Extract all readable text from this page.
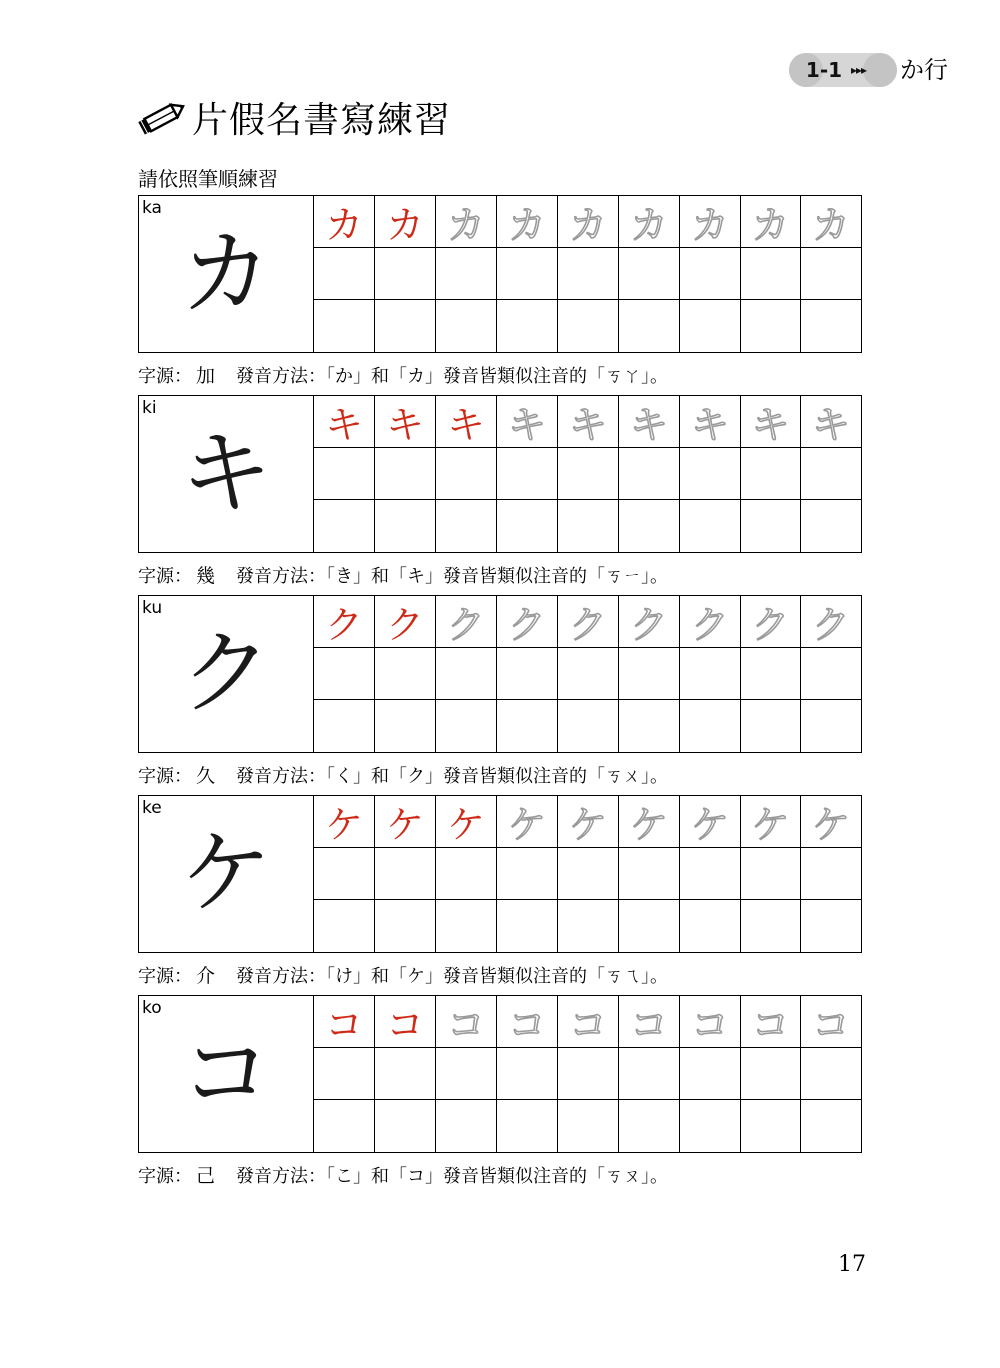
1-1 ▸▸▸ か行
片假名書寫練習
請依照筆順練習
ka
カ	カ カ カ カ カ カ カ カ カ
字源： 加	發音方法：「か」和「カ」發音皆類似注音的「ㄎㄚ」。
ki
キ	キ キ キ キ キ キ キ キ キ
字源： 幾	發音方法：「き」和「キ」發音皆類似注音的「ㄎㄧ」。
ku
ク	ク ク ク ク ク ク ク ク ク
字源： 久	發音方法：「く」和「ク」發音皆類似注音的「ㄎㄨ」。
ke
ケ	ケ ケ ケ ケ ケ ケ ケ ケ ケ
字源： 介	發音方法：「け」和「ケ」發音皆類似注音的「ㄎㄟ」。
ko
コ	コ コ コ コ コ コ コ コ コ
字源： 己	發音方法：「こ」和「コ」發音皆類似注音的「ㄎㄡ」。
17
